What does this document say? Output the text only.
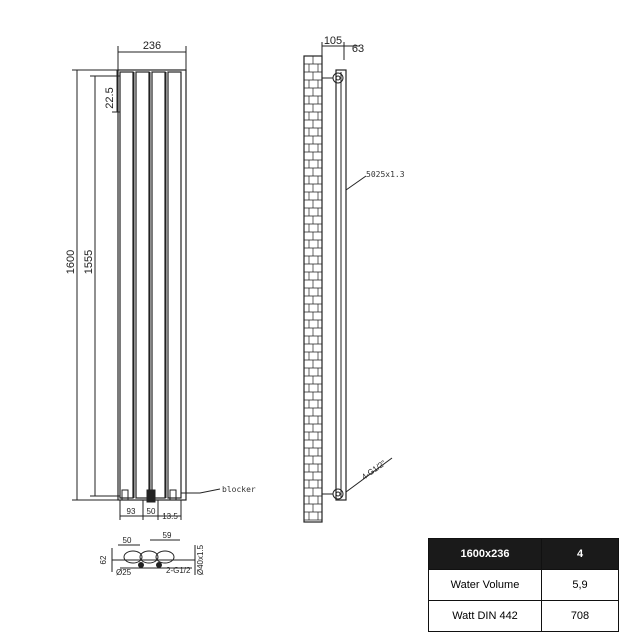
236
1600 1555
22.5
93 50
13.5
blocker
105
63
5025x1.3
4-G1/2"
62
50
59
Ø25	2-G1/2 Ø40x1.5	1600x236	4
Water Volume	5,9
Watt DIN 442	708
